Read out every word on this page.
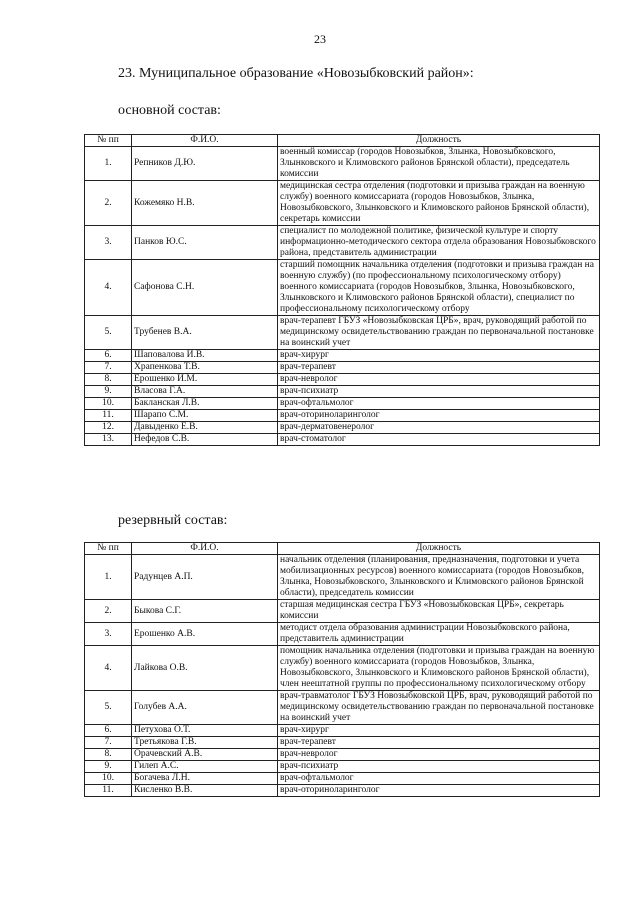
23
23. Муниципальное образование «Новозыбковский район»:
основной состав:
№ пп	Ф.И.О.	Должность
1.	Репников Д.Ю.	военный комиссар (городов Новозыбков, Злынка, Новозыбковского, Злынковского и Климовского районов Брянской области), председатель комиссии
2.	Кожемяко Н.В.	медицинская сестра отделения (подготовки и призыва граждан на военную службу) военного комиссариата (городов Новозыбков, Злынка, Новозыбковского, Злынковского и Климовского районов Брянской области), секретарь комиссии
3.	Панков Ю.С.	специалист по молодежной политике, физической культуре и спорту информационно-методического сектора отдела образования Новозыбковского района, представитель администрации
4.	Сафонова С.Н.	старший помощник начальника отделения (подготовки и призыва граждан на военную службу) (по профессиональному психологическому отбору) военного комиссариата (городов Новозыбков, Злынка, Новозыбковского, Злынковского и Климовского районов Брянской области), специалист по профессиональному психологическому отбору
5.	Трубенев В.А.	врач-терапевт ГБУЗ «Новозыбковская ЦРБ», врач, руководящий работой по медицинскому освидетельствованию граждан по первоначальной постановке на воинский учет
6.	Шаповалова И.В.	врач-хирург
7.	Храпенкова Т.В.	врач-терапевт
8.	Ерошенко И.М.	врач-невролог
9.	Власова Г.А.	врач-психиатр
10.	Бакланская Л.В.	врач-офтальмолог
11.	Шарапо С.М.	врач-оториноларинголог
12.	Давыденко Е.В.	врач-дерматовенеролог
13.	Нефедов С.В.	врач-стоматолог
резервный состав:
№ пп	Ф.И.О.	Должность
1.	Радунцев А.П.	начальник отделения (планирования, предназначения, подготовки и учета мобилизационных ресурсов) военного комиссариата (городов Новозыбков, Злынка, Новозыбковского, Злынковского и Климовского районов Брянской области), председатель комиссии
2.	Быкова С.Г.	старшая медицинская сестра ГБУЗ «Новозыбковская ЦРБ», секретарь комиссии
3.	Ерошенко А.В.	методист отдела образования администрации Новозыбковского района, представитель администрации
4.	Лайкова О.В.	помощник начальника отделения (подготовки и призыва граждан на военную службу) военного комиссариата (городов Новозыбков, Злынка, Новозыбковского, Злынковского и Климовского районов Брянской области), член неештатной группы по профессиональному психологическому отбору
5.	Голубев А.А.	врач-травматолог ГБУЗ Новозыбковской ЦРБ, врач, руководящий работой по медицинскому освидетельствованию граждан по первоначальной постановке на воинский учет
6.	Петухова О.Т.	врач-хирург
7.	Третьякова Г.В.	врач-терапевт
8.	Орачевский А.В.	врач-невролог
9.	Гилеп А.С.	врач-психиатр
10.	Богачева Л.Н.	врач-офтальмолог
11.	Кисленко В.В.	врач-оториноларинголог
